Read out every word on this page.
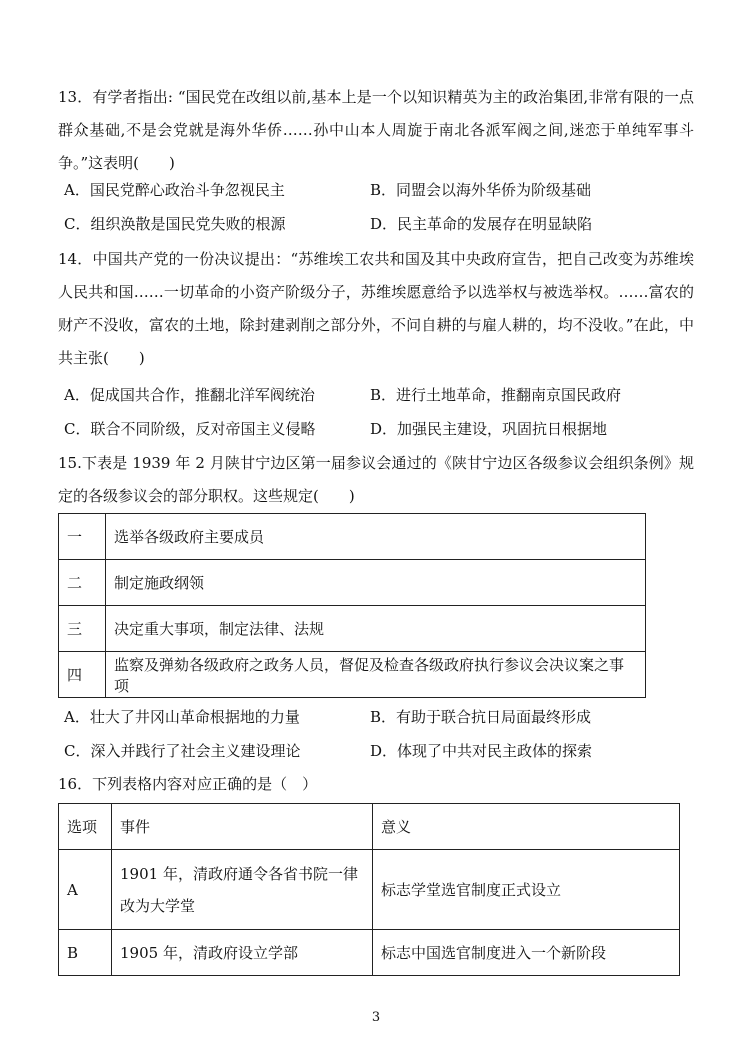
13．有学者指出: “国民党在改组以前,基本上是一个以知识精英为主的政治集团,非常有限的一点群众基础,不是会党就是海外华侨……孙中山本人周旋于南北各派军阀之间,迷恋于单纯军事斗争。”这表明(　　)

A．国民党醉心政治斗争忽视民主	B．同盟会以海外华侨为阶级基础
C．组织涣散是国民党失败的根源	D．民主革命的发展存在明显缺陷

14．中国共产党的一份决议提出：“苏维埃工农共和国及其中央政府宣告，把自己改变为苏维埃人民共和国……一切革命的小资产阶级分子，苏维埃愿意给予以选举权与被选举权。……富农的财产不没收，富农的土地，除封建剥削之部分外，不问自耕的与雇人耕的，均不没收。”在此，中共主张(　　)

A．促成国共合作，推翻北洋军阀统治	B．进行土地革命，推翻南京国民政府
C．联合不同阶级，反对帝国主义侵略	D．加强民主建设，巩固抗日根据地

15.下表是 1939 年 2 月陕甘宁边区第一届参议会通过的《陕甘宁边区各级参议会组织条例》规定的各级参议会的部分职权。这些规定(　　)

一	选举各级政府主要成员
二	制定施政纲领
三	决定重大事项，制定法律、法规
四	监察及弹劾各级政府之政务人员，督促及检查各级政府执行参议会决议案之事项
A．壮大了井冈山革命根据地的力量	B．有助于联合抗日局面最终形成
C．深入并践行了社会主义建设理论	D．体现了中共对民主政体的探索

16．下列表格内容对应正确的是（　）

选项	事件	意义
A	1901 年，清政府通令各省书院一律改为大学堂	标志学堂选官制度正式设立
B	1905 年，清政府设立学部	标志中国选官制度进入一个新阶段
3
